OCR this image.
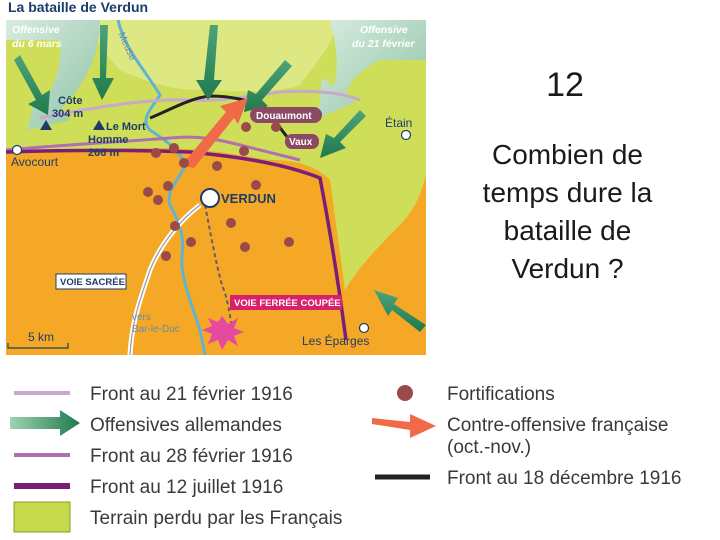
La bataille de Verdun
Meuse
Offensive
du 6 mars
Offensive
du 21 février
Côte
304 m
Le Mort
Homme
266 m
Avocourt
Étain
VERDUN
Douaumont
Vaux
Les Éparges
vers
Bar-le-Duc
VOIE SACRÉE
VOIE FERRÉE COUPÉE
5 km
Front au 21 février 1916
Offensives allemandes
Front au 28 février 1916
Front au 12 juillet 1916
Terrain perdu par les Français
Fortifications
Contre-offensive française
(oct.-nov.)
Front au 18 décembre 1916
12
Combien de
temps dure la
bataille de
Verdun ?
